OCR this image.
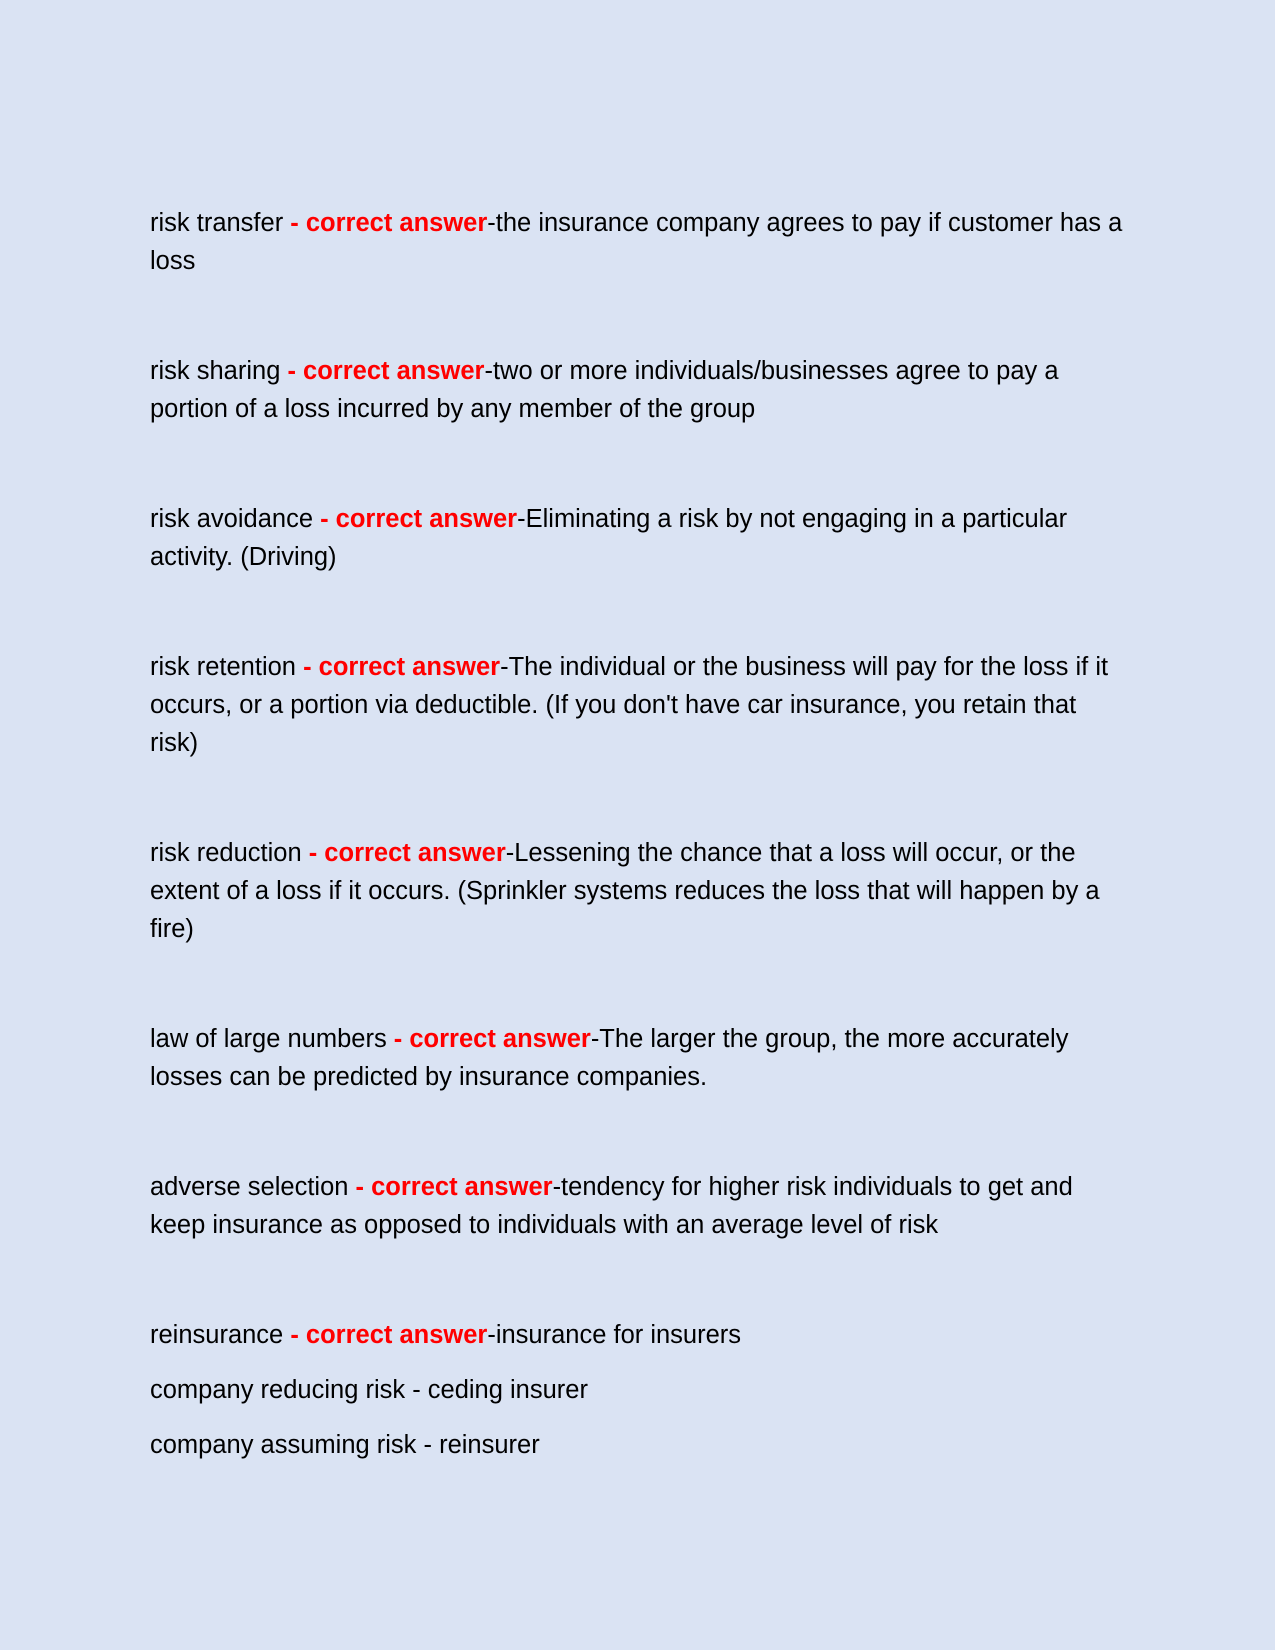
risk transfer - correct answer-the insurance company agrees to pay if customer has a loss

risk sharing - correct answer-two or more individuals/businesses agree to pay a portion of a loss incurred by any member of the group

risk avoidance - correct answer-Eliminating a risk by not engaging in a particular activity. (Driving)

risk retention - correct answer-The individual or the business will pay for the loss if it occurs, or a portion via deductible. (If you don't have car insurance, you retain that risk)

risk reduction - correct answer-Lessening the chance that a loss will occur, or the extent of a loss if it occurs. (Sprinkler systems reduces the loss that will happen by a fire)

law of large numbers - correct answer-The larger the group, the more accurately losses can be predicted by insurance companies.

adverse selection - correct answer-tendency for higher risk individuals to get and keep insurance as opposed to individuals with an average level of risk

reinsurance - correct answer-insurance for insurers

company reducing risk - ceding insurer

company assuming risk - reinsurer
